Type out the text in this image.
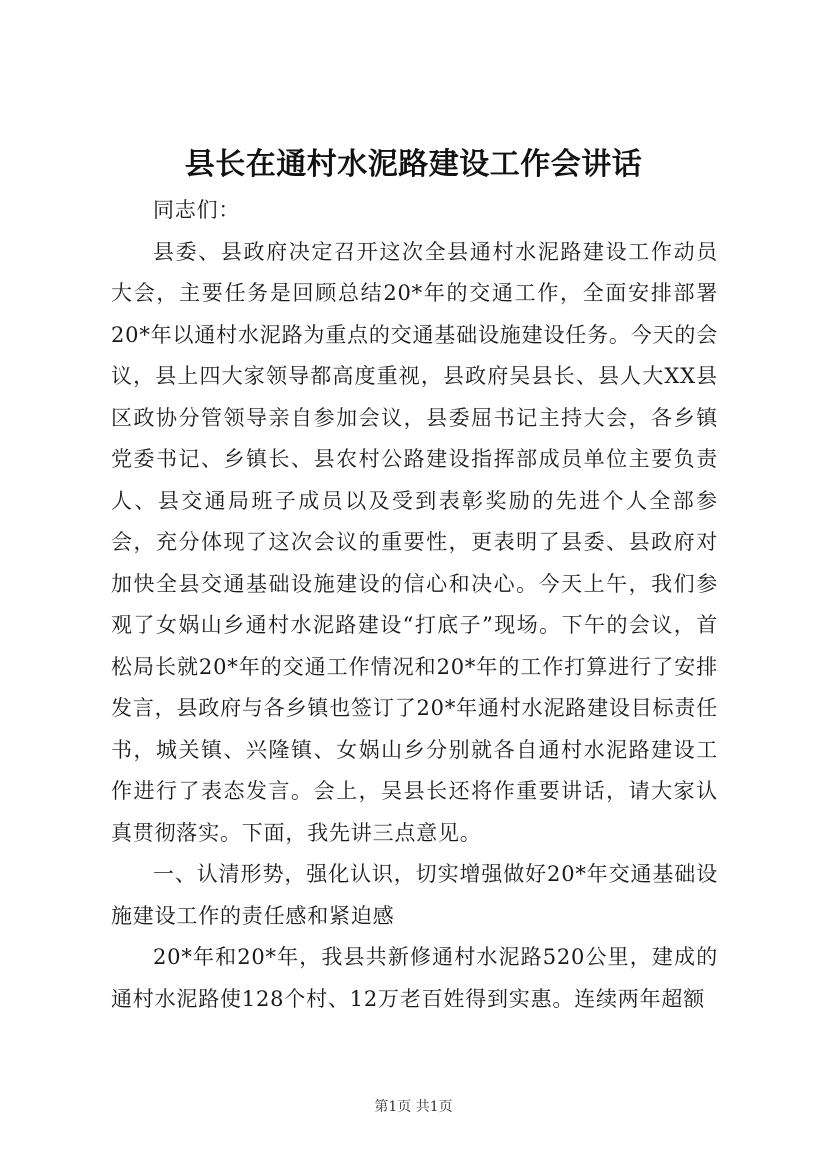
县长在通村水泥路建设工作会讲话

同志们：

县委、县政府决定召开这次全县通村水泥路建设工作动员大会，主要任务是回顾总结20*年的交通工作，全面安排部署20*年以通村水泥路为重点的交通基础设施建设任务。今天的会议，县上四大家领导都高度重视，县政府吴县长、县人大XX县区政协分管领导亲自参加会议，县委屈书记主持大会，各乡镇党委书记、乡镇长、县农村公路建设指挥部成员单位主要负责人、县交通局班子成员以及受到表彰奖励的先进个人全部参会，充分体现了这次会议的重要性，更表明了县委、县政府对加快全县交通基础设施建设的信心和决心。今天上午，我们参观了女娲山乡通村水泥路建设“打底子”现场。下午的会议，首松局长就20*年的交通工作情况和20*年的工作打算进行了安排发言，县政府与各乡镇也签订了20*年通村水泥路建设目标责任书，城关镇、兴隆镇、女娲山乡分别就各自通村水泥路建设工作进行了表态发言。会上，吴县长还将作重要讲话，请大家认真贯彻落实。下面，我先讲三点意见。

一、认清形势，强化认识，切实增强做好20*年交通基础设施建设工作的责任感和紧迫感

20*年和20*年，我县共新修通村水泥路520公里，建成的通村水泥路使128个村、12万老百姓得到实惠。连续两年超额

第1页 共1页
